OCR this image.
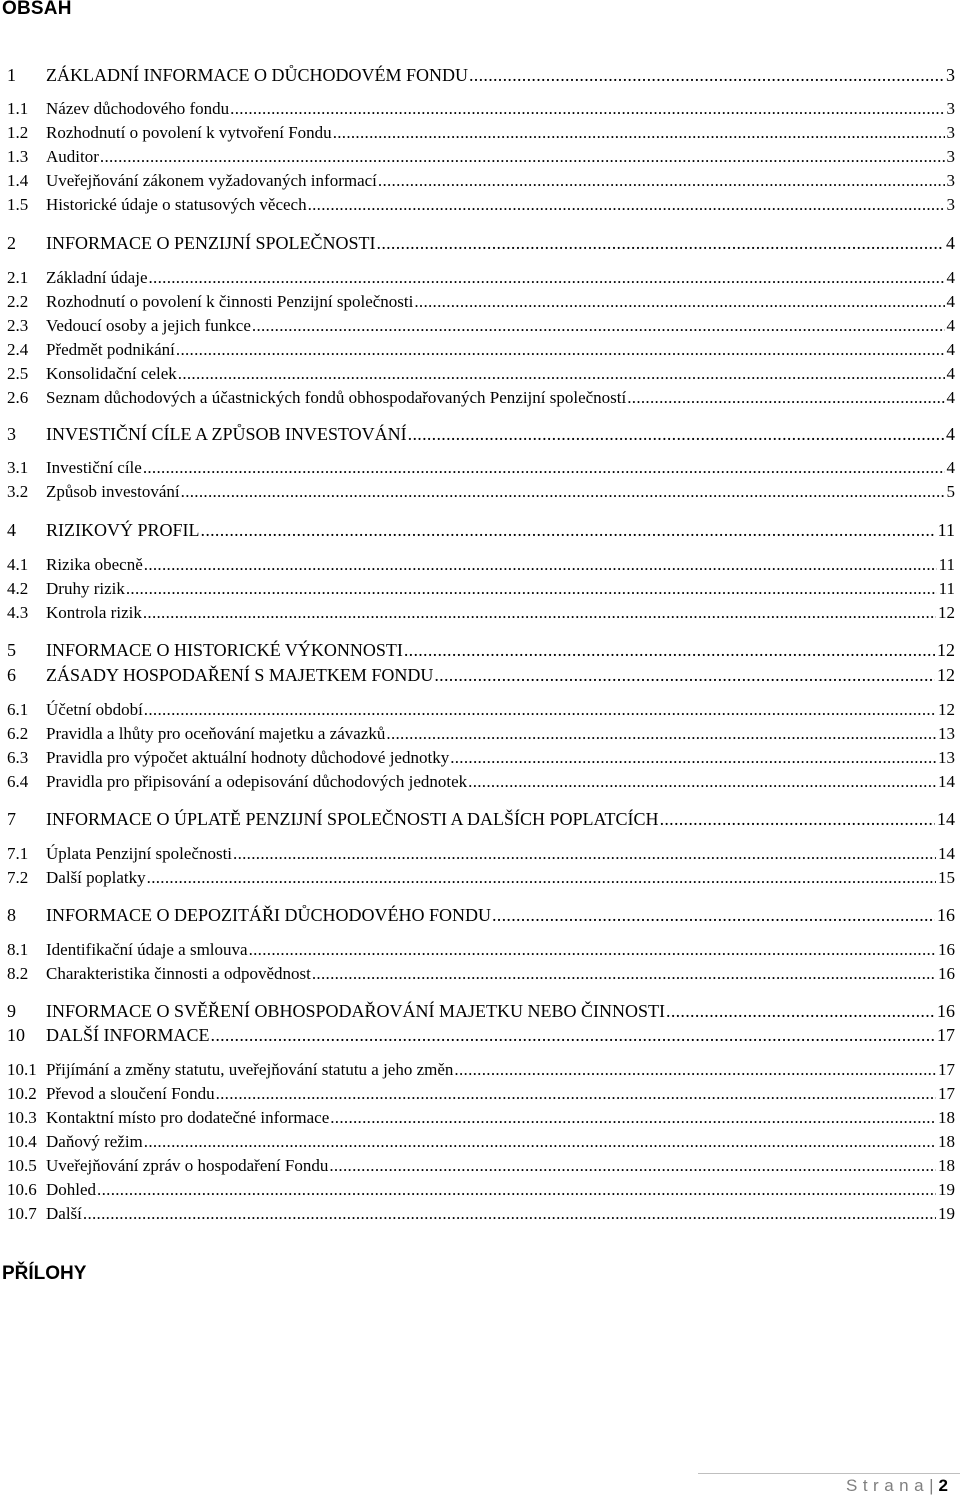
OBSAH
1	ZÁKLADNÍ INFORMACE O DŮCHODOVÉM FONDU .....	3
1.1	Název důchodového fondu .....	3
1.2	Rozhodnutí o povolení k vytvoření Fondu .....	3
1.3	Auditor .....	3
1.4	Uveřejňování zákonem vyžadovaných informací .....	3
1.5	Historické údaje o statusových věcech .....	3
2	INFORMACE O PENZIJNÍ SPOLEČNOSTI .....	4
2.1	Základní údaje .....	4
2.2	Rozhodnutí o povolení k činnosti Penzijní společnosti .....	4
2.3	Vedoucí osoby a jejich funkce .....	4
2.4	Předmět podnikání .....	4
2.5	Konsolidační celek .....	4
2.6	Seznam důchodových a účastnických fondů obhospodařovaných Penzijní společností .....	4
3	INVESTIČNÍ CÍLE A ZPŮSOB INVESTOVÁNÍ .....	4
3.1	Investiční cíle .....	4
3.2	Způsob investování .....	5
4	RIZIKOVÝ PROFIL .....	11
4.1	Rizika obecně .....	11
4.2	Druhy rizik .....	11
4.3	Kontrola rizik .....	12
5	INFORMACE O HISTORICKÉ VÝKONNOSTI .....	12
6	ZÁSADY HOSPODAŘENÍ S MAJETKEM FONDU .....	12
6.1	Účetní období .....	12
6.2	Pravidla a lhůty pro oceňování majetku a závazků .....	13
6.3	Pravidla pro výpočet aktuální hodnoty důchodové jednotky .....	13
6.4	Pravidla pro připisování a odepisování důchodových jednotek .....	14
7	INFORMACE O ÚPLATĚ PENZIJNÍ SPOLEČNOSTI A DALŠÍCH POPLATCÍCH .....	14
7.1	Úplata Penzijní společnosti .....	14
7.2	Další poplatky .....	15
8	INFORMACE O DEPOZITÁŘI DŮCHODOVÉHO FONDU .....	16
8.1	Identifikační údaje a smlouva .....	16
8.2	Charakteristika činnosti a odpovědnost .....	16
9	INFORMACE O SVĚŘENÍ OBHOSPODAŘOVÁNÍ MAJETKU NEBO ČINNOSTI .....	16
10	DALŠÍ INFORMACE .....	17
10.1 Přijímání a změny statutu, uveřejňování statutu a jeho změn .....	17
10.2 Převod a sloučení Fondu .....	17
10.3 Kontaktní místo pro dodatečné informace .....	18
10.4 Daňový režim .....	18
10.5 Uveřejňování zpráv o hospodaření Fondu .....	18
10.6 Dohled .....	19
10.7 Další .....	19
PŘÍLOHY
Strana | 2
